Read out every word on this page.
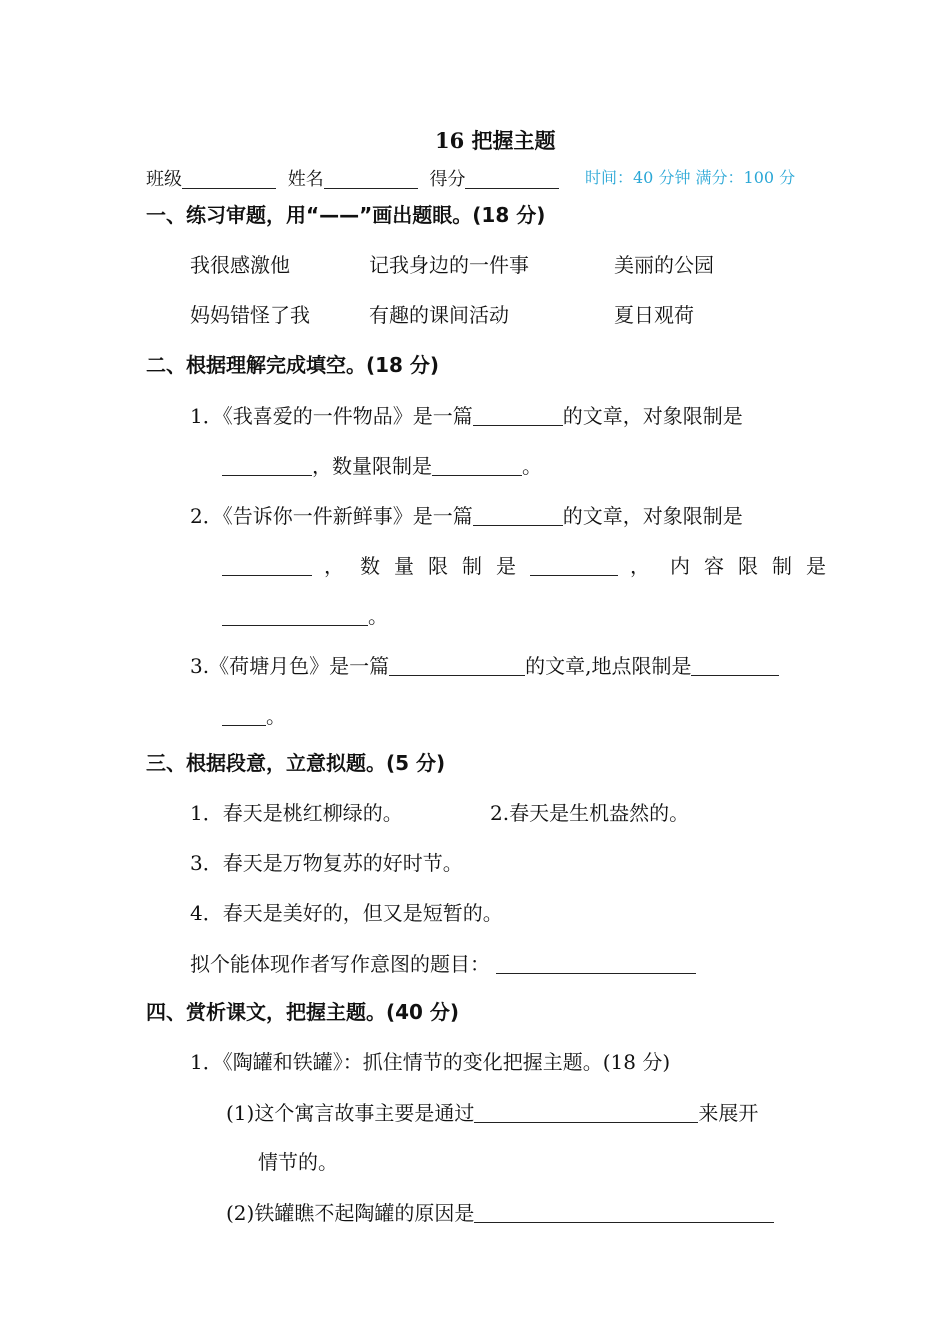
16 把握主题
班级	姓名	得分	时间：40 分钟 满分：100 分
一、练习审题，用“——”画出题眼。(18 分)
我很感激他	记我身边的一件事	美丽的公园
妈妈错怪了我	有趣的课间活动	夏日观荷
二、根据理解完成填空。(18 分)
1．《我喜爱的一件物品》是一篇	的文章，对象限制是
，数量限制是	。
2．《告诉你一件新鲜事》是一篇	的文章，对象限制是
， 数量限制是	， 内容限制是
。
3.《荷塘月色》是一篇	的文章,地点限制是
。
三、根据段意，立意拟题。(5 分)
1．春天是桃红柳绿的。	2.春天是生机盎然的。
3．春天是万物复苏的好时节。
4．春天是美好的，但又是短暂的。
拟个能体现作者写作意图的题目：
四、赏析课文，把握主题。(40 分)
1．《陶罐和铁罐》：抓住情节的变化把握主题。(18 分)
(1)这个寓言故事主要是通过	来展开
情节的。
(2)铁罐瞧不起陶罐的原因是
